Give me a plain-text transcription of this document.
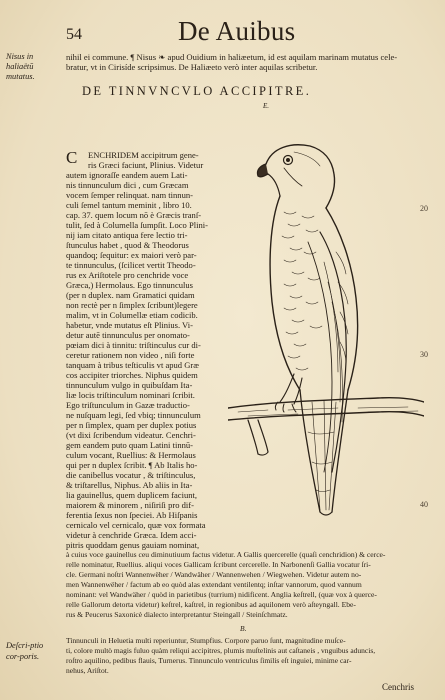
54	De Auibus
Nisus in haliaëtū mutatus.
nihil ei commune. ¶ Nisus ❧ apud Ouidium in haliæetum, id est aquilam marinam mutatus cele-
bratur, vt in Cirisíde scripsimus. De Haliæeto verò inter aquilas scribetur.
DE TINNVNCVLO ACCIPITRE.
E.
C ENCHRIDEM accipitrum gene-
ris Græci faciunt, Plinius. Videtur
autem ignoraſſe eandem auem Lati-
nis tinnunculum dici , cum Græcam
vocem ſemper relinquat. nam tinnun-
culi ſemel tantum meminit , libro 10.
cap. 37. quem locum nō è Græcis tranſ-
tulit, ſed à Columella ſumpſit. Loco Plini-
nij iam citato antiqua fere lectio tri-
ſtunculus habet , quod & Theodorus
quandoq; ſequitur: ex maiori verò par-
te tinnunculus, (ſcilicet vertit Theodo-
rus ex Ariſtotele pro cenchride voce
Græca,) Hermolaus. Ego tinnunculus
(per n duplex. nam Gramatici quidam
non rectè per n ſimplex ſcribunt)legere
malim, vt in Columellæ etiam codicib.
habetur, vnde mutatus eſt Plinius. Vi-
detur autē tinnunculus per onomato-
pœiam dici à tinnitu: triſtinculus cur di-
ceretur rationem non video , niſi forte
tanquam à tribus teſticulis vt apud Græ
cos accipiter triorches. Niphus quidem
tinnunculum vulgo in quibuſdam Ita-
liæ locis triſtinculum nominari ſcribit.
Ego triſtunculum in Gazæ traductio-
ne nuſquam legi, ſed vbiq; tinnunculum
per n ſimplex, quam per duplex potius
(vt dixi ſcribendum videatur. Cenchri-
gem eandem puto quam Latini tinnū-
culum vocant, Ruellius: & Hermolaus
qui per n duplex ſcribit. ¶ Ab Italis ho-
die canibellus vocatur , & triſtinculus,
& triſtarellus, Niphus. Ab aliis in Ita-
lia gauinellus, quem duplicem faciunt,
maiorem & minorem , niſiriſi pro dif-
ferentia ſexus non ſpeciei. Ab Hiſpanis
cernicalo vel cernicalo, quæ vox formata
videtur à cenchride Græca. Idem acci-
pitris quoddam genus gauiam nominat,
à cuius voce gauinellus ceu diminutiuum factus videtur. A Gallis quercerelle (quaſi cenchridion) & cerce-
relle nominatur, Ruellius. aliqui voces Gallicam ſcribunt cercerelle. In Narbonenſi Gallia vocatur ſri-
cle. Germani noſtri Wannenwëher / Wandwäher / Wannenwehen / Wiegwehen. Videtur autem no-
men Wannenwëher / factum ab eo quòd alas extendant ventilentq; inſtar vannorum, quod vannum
nominant: vel Wandwäher / quòd in parietibus (turrium) nidificent. Anglia keſtrell, (quæ vox à querce-
relle Gallorum detorta videtur) keſtrel, kaſtrel, in regionibus ad aquilonem verò aſteyngall. Ebe-
rus & Peucerus Saxonicè dialecto interpretantur Steingall / Steinſchmatz.
B.
Deſcri-ptio cor-poris.
Tinnunculi in Heluetia multi reperiuntur, Stumpfius. Corpore paruo ſunt, magnitudine muſce-
ti, colore multò magis fuluo quàm reliqui accipitres, plumis muſtelinis aut caſtaneis , vnguibus aduncis,
roſtro aquilino, pedibus flauis, Turnerus. Tinnunculo ventriculus ſimilis eſt inguiei, minime car-
nehus, Ariſtot.
Cenchris
20
30
40
